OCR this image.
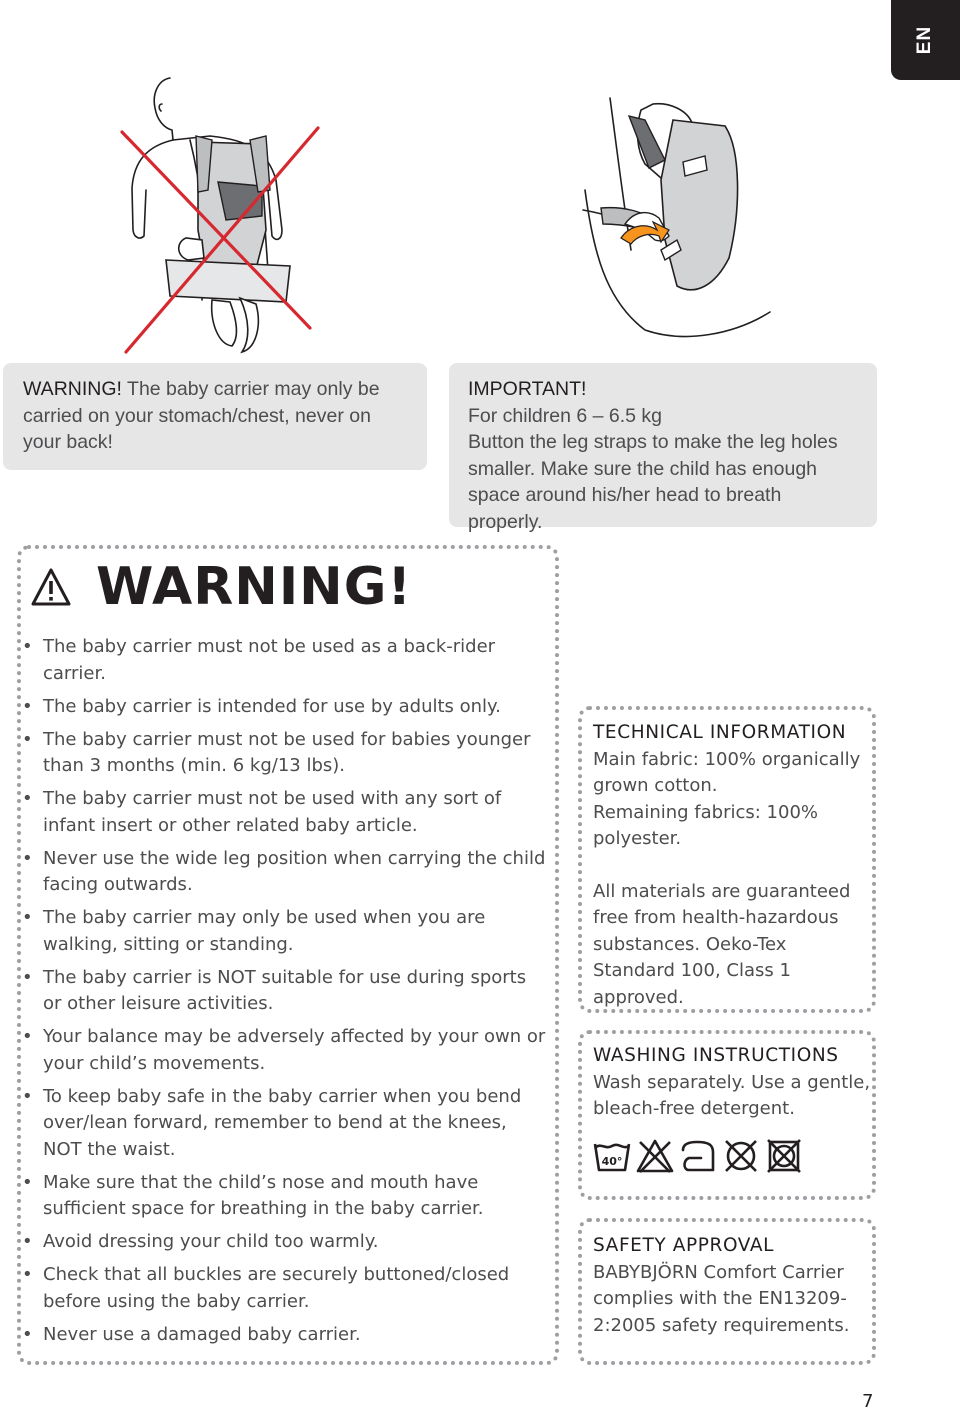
EN
WARNING! The baby carrier may only be carried on your stomach/chest, never on your back!
IMPORTANT!
For children 6 – 6.5 kg
Button the leg straps to make the leg holes smaller. Make sure the child has enough space around his/her head to breath properly.
WARNING!
• The baby carrier must not be used as a back-rider carrier.
• The baby carrier is intended for use by adults only.
• The baby carrier must not be used for babies younger than 3 months (min. 6 kg/13 lbs).
• The baby carrier must not be used with any sort of infant insert or other related baby article.
• Never use the wide leg position when carrying the child facing outwards.
• The baby carrier may only be used when you are walking, sitting or standing.
• The baby carrier is NOT suitable for use during sports or other leisure activities.
• Your balance may be adversely affected by your own or your child’s movements.
• To keep baby safe in the baby carrier when you bend over/lean forward, remember to bend at the knees, NOT the waist.
• Make sure that the child’s nose and mouth have sufficient space for breathing in the baby carrier.
• Avoid dressing your child too warmly.
• Check that all buckles are securely buttoned/closed before using the baby carrier.
• Never use a damaged baby carrier.
TECHNICAL INFORMATION

Main fabric: 100% organically grown cotton.

Remaining fabrics: 100% polyester.

All materials are guaranteed free from health-hazardous substances. Oeko-Tex Standard 100, Class 1 approved.

WASHING INSTRUCTIONS

Wash separately. Use a gentle, bleach-free detergent.

40°
SAFETY APPROVAL

BABYBJÖRN Comfort Carrier complies with the EN13209-2:2005 safety requirements.

7
